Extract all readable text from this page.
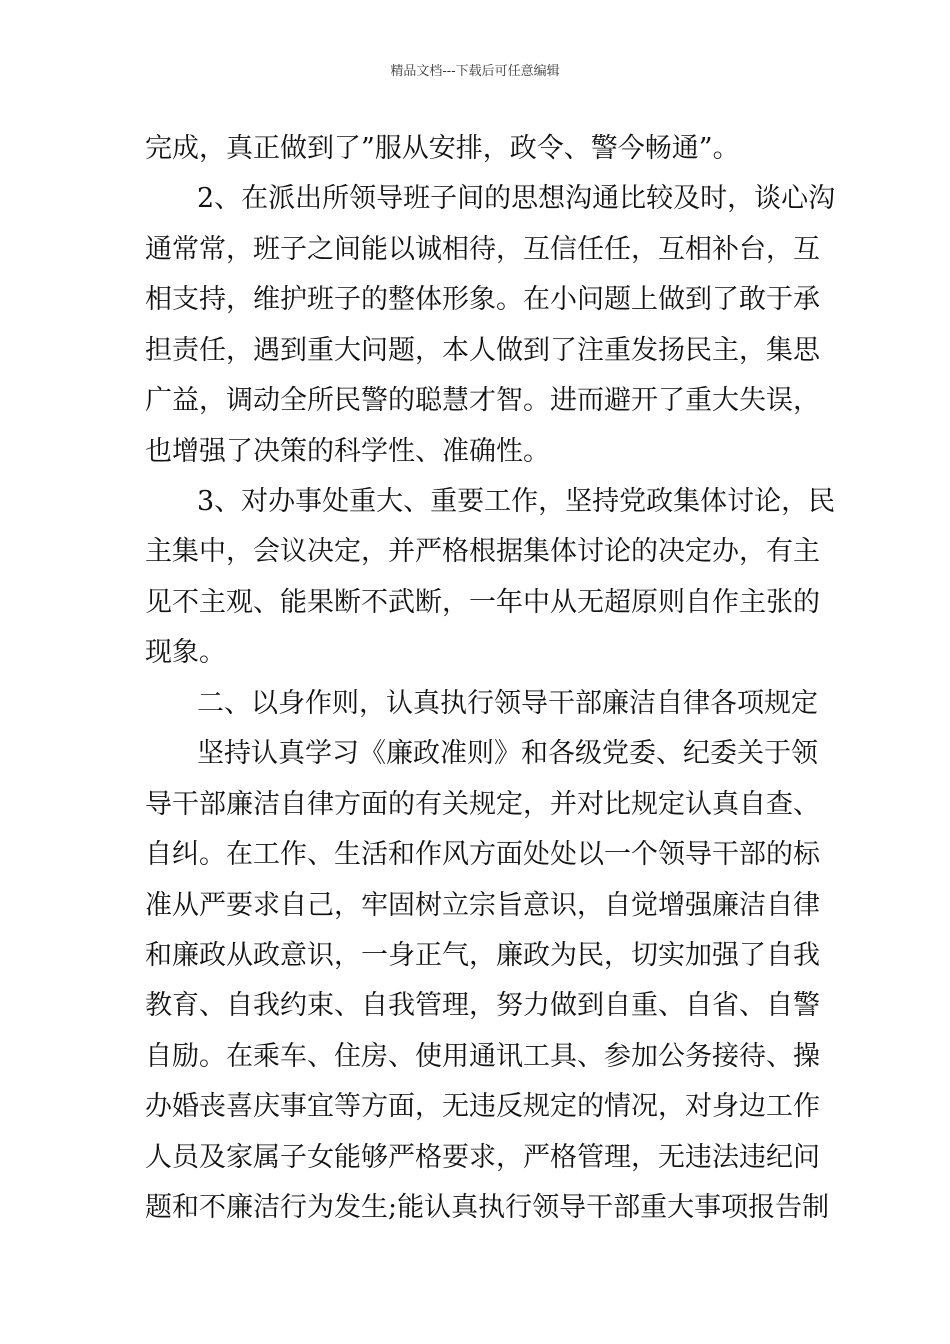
精品文档---下载后可任意编辑
完成，真正做到了”服从安排，政令、警今畅通”。
2、在派出所领导班子间的思想沟通比较及时，谈心沟
通常常，班子之间能以诚相待，互信任任，互相补台，互
相支持，维护班子的整体形象。在小问题上做到了敢于承
担责任，遇到重大问题，本人做到了注重发扬民主，集思
广益，调动全所民警的聪慧才智。进而避开了重大失误，
也增强了决策的科学性、准确性。
3、对办事处重大、重要工作，坚持党政集体讨论，民
主集中，会议决定，并严格根据集体讨论的决定办，有主
见不主观、能果断不武断，一年中从无超原则自作主张的
现象。
二、以身作则，认真执行领导干部廉洁自律各项规定
坚持认真学习《廉政准则》和各级党委、纪委关于领
导干部廉洁自律方面的有关规定，并对比规定认真自查、
自纠。在工作、生活和作风方面处处以一个领导干部的标
准从严要求自己，牢固树立宗旨意识，自觉增强廉洁自律
和廉政从政意识，一身正气，廉政为民，切实加强了自我
教育、自我约束、自我管理，努力做到自重、自省、自警
自励。在乘车、住房、使用通讯工具、参加公务接待、操
办婚丧喜庆事宜等方面，无违反规定的情况，对身边工作
人员及家属子女能够严格要求，严格管理，无违法违纪问
题和不廉洁行为发生;能认真执行领导干部重大事项报告制
